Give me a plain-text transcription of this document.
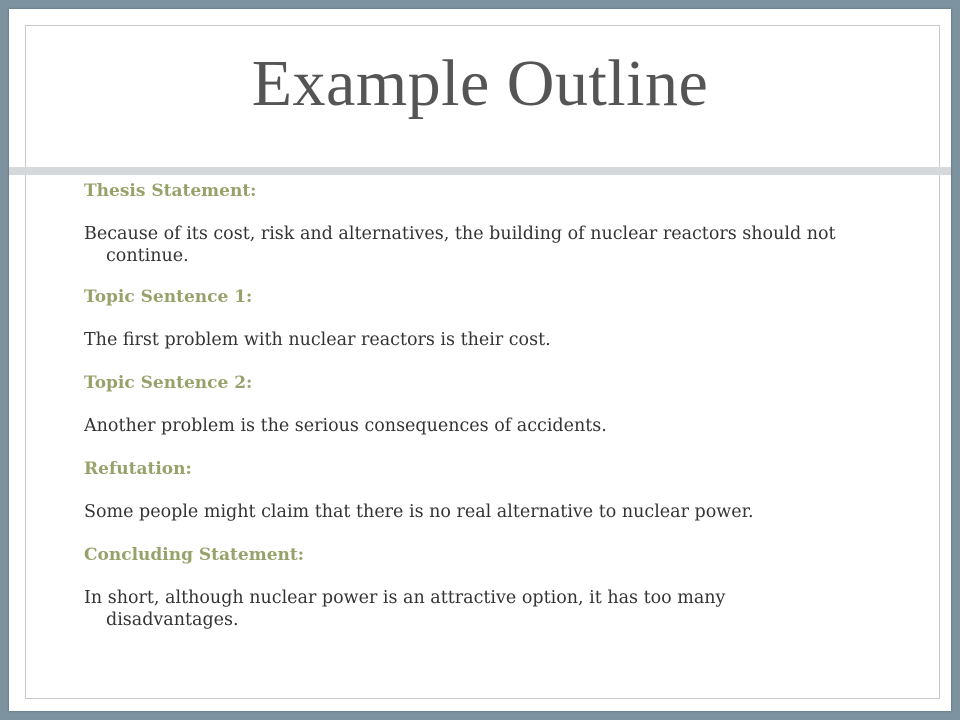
Example Outline
Thesis Statement:
Because of its cost, risk and alternatives, the building of nuclear reactors should not continue.
Topic Sentence 1:
The first problem with nuclear reactors is their cost.
Topic Sentence 2:
Another problem is the serious consequences of accidents.
Refutation:
Some people might claim that there is no real alternative to nuclear power.
Concluding Statement:
In short, although nuclear power is an attractive option, it has too many disadvantages.
